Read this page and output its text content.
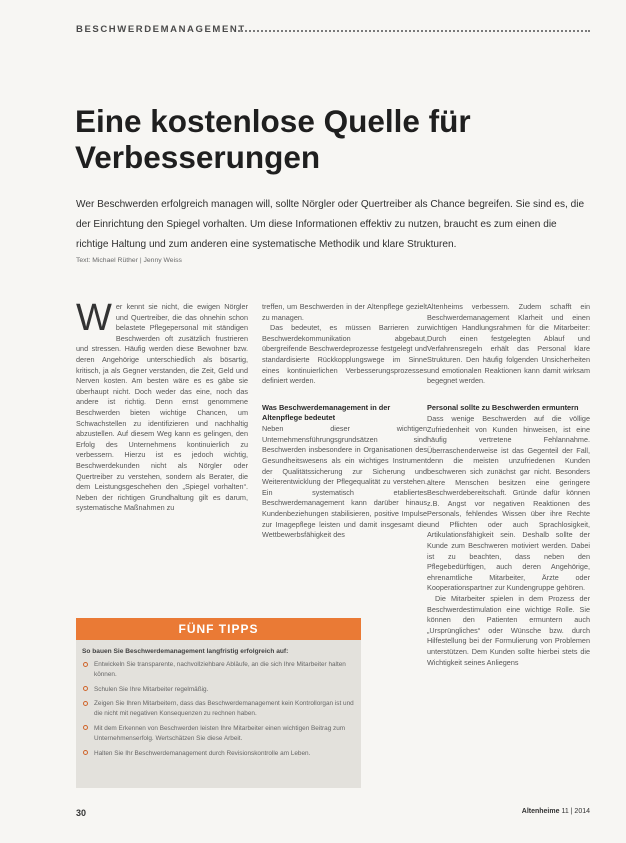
BESCHWERDEMANAGEMENT
Eine kostenlose Quelle für Verbesserungen

Wer Beschwerden erfolgreich managen will, sollte Nörgler oder Quertreiber als Chance begreifen. Sie sind es, die der Einrichtung den Spiegel vorhalten. Um diese Informationen effektiv zu nutzen, braucht es zum einen die richtige Haltung und zum anderen eine systematische Methodik und klare Strukturen.

Text: Michael Rüther | Jenny Weiss

Wer kennt sie nicht, die ewigen Nörgler und Quertreiber, die das ohnehin schon belastete Pflegepersonal mit ständigen Beschwerden oft zusätzlich frustrieren und stressen. Häufig werden diese Bewohner bzw. deren Angehörige unterschiedlich als bösartig, kritisch, ja als Gegner verstanden, die Zeit, Geld und Nerven kosten. Am besten wäre es es gäbe sie überhaupt nicht. Doch weder das eine, noch das andere ist richtig. Denn ernst genommene Beschwerden bieten wichtige Chancen, um Schwachstellen zu identifizieren und nachhaltig abzustellen. Auf diesem Weg kann es gelingen, den Erfolg des Unternehmens kontinuierlich zu verbessern. Hierzu ist es jedoch wichtig, Beschwerdekunden nicht als Nörgler oder Quertreiber zu verstehen, sondern als Berater, die dem Leistungsgeschehen den „Spiegel vorhalten“. Neben der richtigen Grundhaltung gilt es darum, systematische Maßnahmen zu

treffen, um Beschwerden in der Altenpflege gezielt zu managen.

Das bedeutet, es müssen Barrieren zur Beschwerdekommunikation abgebaut, übergreifende Beschwerdeprozesse festgelegt und standardisierte Rückkopplungswege im Sinne eines kontinuierlichen Verbesserungsprozesses definiert werden.

Was Beschwerdemanagement in der Altenpflege bedeutet

Neben dieser wichtigen Unternehmensführungsgrundsätzen sind Beschwerden insbesondere in Organisationen des Gesundheitswesens als ein wichtiges Instrument der Qualitätssicherung zur Sicherung und Weiterentwicklung der Pflegequalität zu verstehen. Ein systematisch etabliertes Beschwerdemanagement kann darüber hinaus Kundenbeziehungen stabilisieren, positive Impulse zur Imagepflege leisten und damit insgesamt die Wettbewerbsfähigkeit des

Altenheims verbessern. Zudem schafft ein Beschwerdemanagement Klarheit und einen wichtigen Handlungsrahmen für die Mitarbeiter: Durch einen festgelegten Ablauf und Verfahrensregeln erhält das Personal klare Strukturen. Den häufig folgenden Unsicherheiten und emotionalen Reaktionen kann damit wirksam begegnet werden.

Personal sollte zu Beschwerden ermuntern

Dass wenige Beschwerden auf die völlige Zufriedenheit von Kunden hinweisen, ist eine häufig vertretene Fehlannahme. Überraschenderweise ist das Gegenteil der Fall, denn die meisten unzufriedenen Kunden beschweren sich zunächst gar nicht. Besonders ältere Menschen besitzen eine geringere Beschwerdebereitschaft. Gründe dafür können z.B. Angst vor negativen Reaktionen des Personals, fehlendes Wissen über ihre Rechte und Pflichten oder auch Sprachlosigkeit, Artikulationsfähigkeit sein. Deshalb sollte der Kunde zum Beschweren motiviert werden. Dabei ist zu beachten, dass neben den Pflegebedürftigen, auch deren Angehörige, ehrenamtliche Mitarbeiter, Ärzte oder Kooperationspartner zur Kundengruppe gehören.

Die Mitarbeiter spielen in dem Prozess der Beschwerdestimulation eine wichtige Rolle. Sie können den Patienten ermuntern auch „Ursprüngliches“ oder Wünsche bzw. durch Hilfestellung bei der Formulierung von Problemen unterstützen. Dem Kunden sollte hierbei stets die Wichtigkeit seines Anliegens

FÜNF TIPPS
So bauen Sie Beschwerdemanagement langfristig erfolgreich auf:
Entwickeln Sie transparente, nachvollziehbare Abläufe, an die sich Ihre Mitarbeiter halten können.
Schulen Sie Ihre Mitarbeiter regelmäßig.
Zeigen Sie Ihren Mitarbeitern, dass das Beschwerdemanagement kein Kontrollorgan ist und die nicht mit negativen Konsequenzen zu rechnen haben.
Mit dem Erkennen von Beschwerden leisten Ihre Mitarbeiter einen wichtigen Beitrag zum Unternehmenserfolg. Wertschätzen Sie diese Arbeit.
Halten Sie Ihr Beschwerdemanagement durch Revisionskontrolle am Leben.
30	Altenheime 11 | 2014
